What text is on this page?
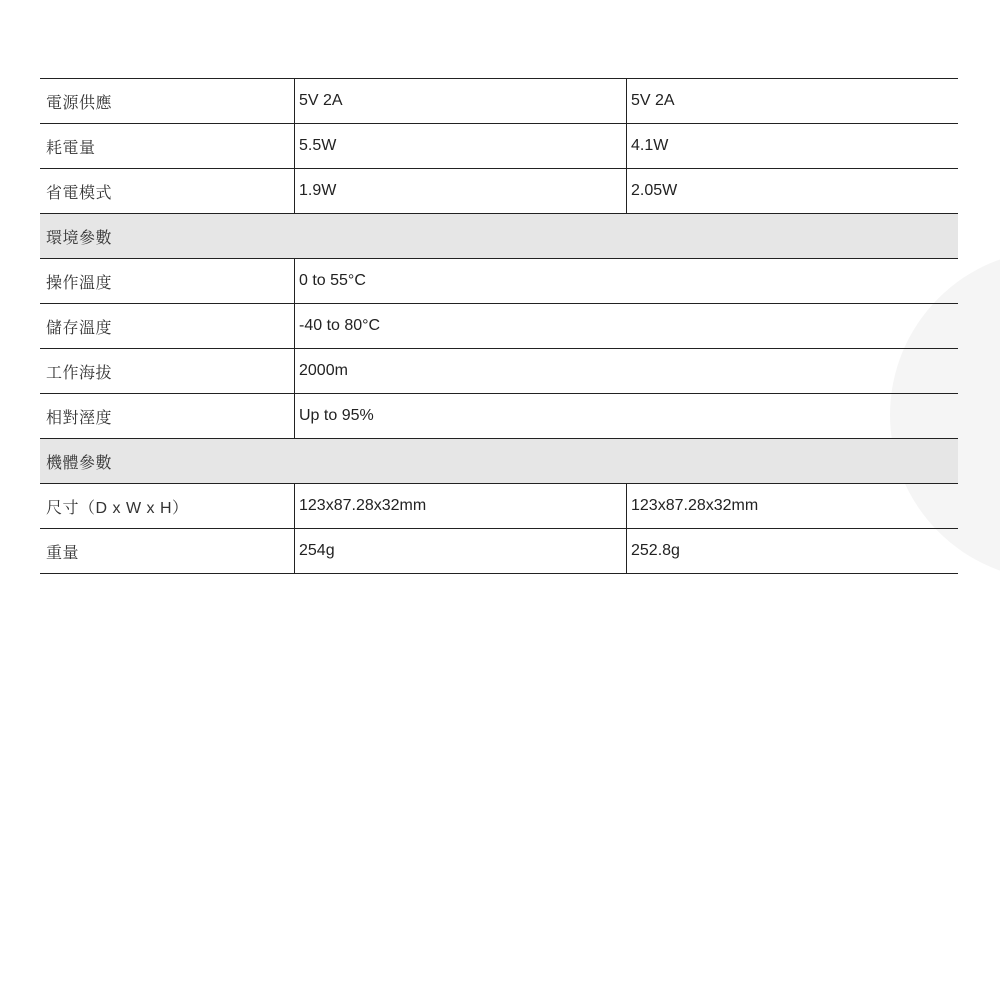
電源供應	5V 2A	5V 2A
耗電量	5.5W	4.1W
省電模式	1.9W	2.05W
環境參數
操作溫度	0 to 55°C
儲存溫度	-40 to 80°C
工作海拔	2000m
相對溼度	Up to 95%
機體參數
尺寸（D x W x H）	123x87.28x32mm	123x87.28x32mm
重量	254g	252.8g
